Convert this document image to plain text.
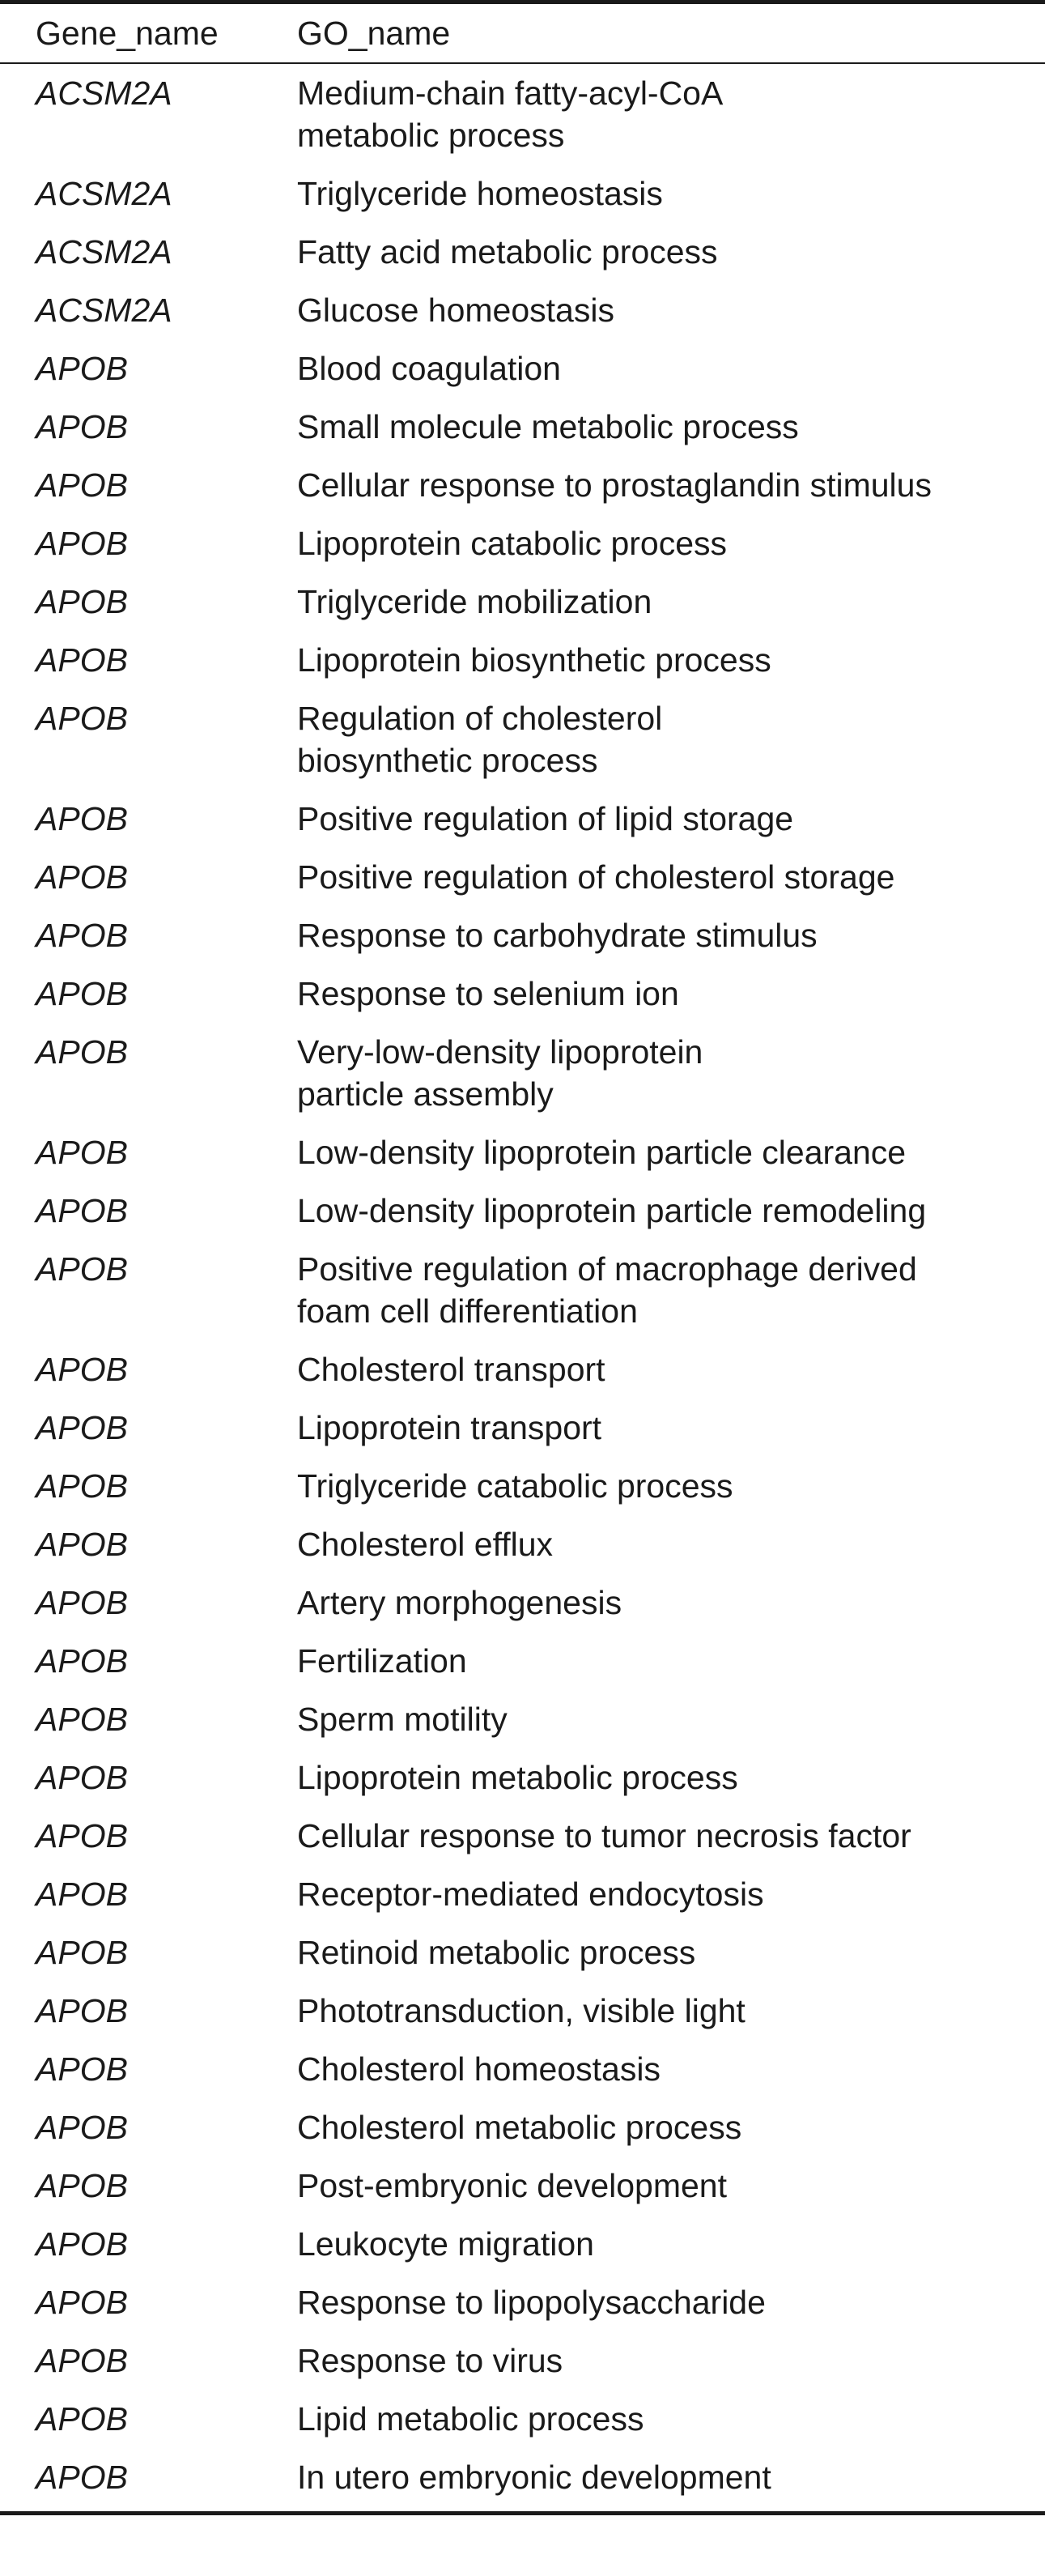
Gene_name	GO_name
ACSM2A	Medium-chain fatty-acyl-CoA
metabolic process
ACSM2A	Triglyceride homeostasis
ACSM2A	Fatty acid metabolic process
ACSM2A	Glucose homeostasis
APOB	Blood coagulation
APOB	Small molecule metabolic process
APOB	Cellular response to prostaglandin stimulus
APOB	Lipoprotein catabolic process
APOB	Triglyceride mobilization
APOB	Lipoprotein biosynthetic process
APOB	Regulation of cholesterol
biosynthetic process
APOB	Positive regulation of lipid storage
APOB	Positive regulation of cholesterol storage
APOB	Response to carbohydrate stimulus
APOB	Response to selenium ion
APOB	Very-low-density lipoprotein
particle assembly
APOB	Low-density lipoprotein particle clearance
APOB	Low-density lipoprotein particle remodeling
APOB	Positive regulation of macrophage derived
foam cell differentiation
APOB	Cholesterol transport
APOB	Lipoprotein transport
APOB	Triglyceride catabolic process
APOB	Cholesterol efflux
APOB	Artery morphogenesis
APOB	Fertilization
APOB	Sperm motility
APOB	Lipoprotein metabolic process
APOB	Cellular response to tumor necrosis factor
APOB	Receptor-mediated endocytosis
APOB	Retinoid metabolic process
APOB	Phototransduction, visible light
APOB	Cholesterol homeostasis
APOB	Cholesterol metabolic process
APOB	Post-embryonic development
APOB	Leukocyte migration
APOB	Response to lipopolysaccharide
APOB	Response to virus
APOB	Lipid metabolic process
APOB	In utero embryonic development
